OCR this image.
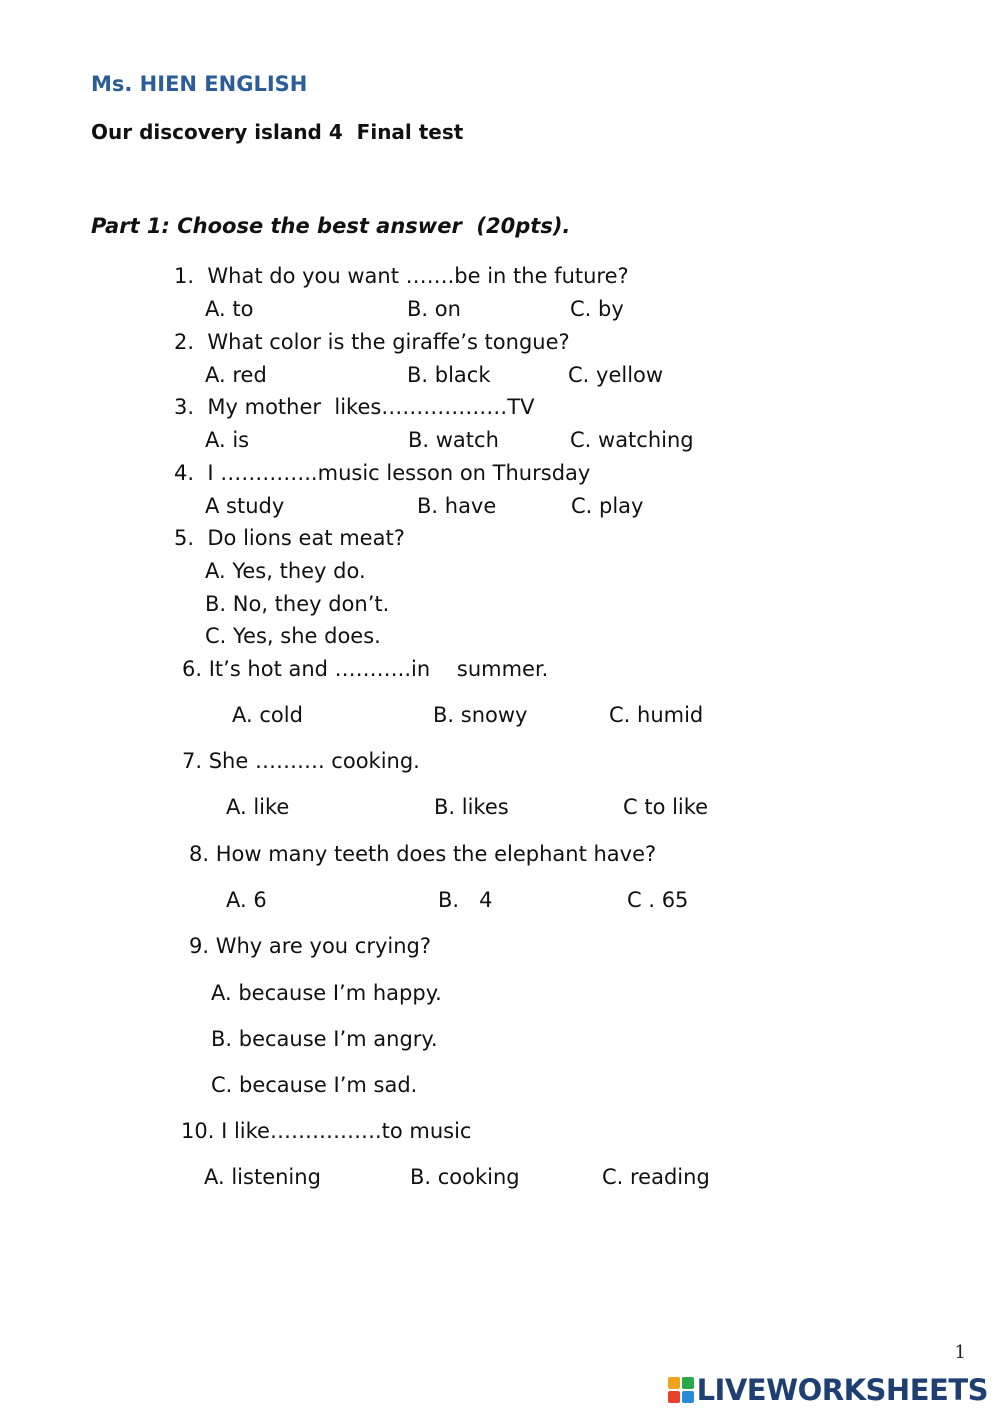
Ms. HIEN ENGLISH
Our discovery island 4  Final test
Part 1: Choose the best answer  (20pts).
1.  What do you want …….be in the future?
A. to	B. on	C. by
2.  What color is the giraffe’s tongue?
A. red	B. black	C. yellow
3.  My mother  likes………………TV
A. is	B. watch	C. watching
4.  I …………..music lesson on Thursday
A study	B. have	C. play
5.  Do lions eat meat?
A. Yes, they do.
B. No, they don’t.
C. Yes, she does.
6. It’s hot and ………..in    summer.
A. cold	B. snowy	C. humid
7. She ………. cooking.
A. like	B. likes	C to like
8. How many teeth does the elephant have?
A. 6	B.   4	C . 65
9. Why are you crying?
A. because I’m happy.
B. because I’m angry.
C. because I’m sad.
10. I like…………….to music
A. listening	B. cooking	C. reading
1
LIVEWORKSHEETS
